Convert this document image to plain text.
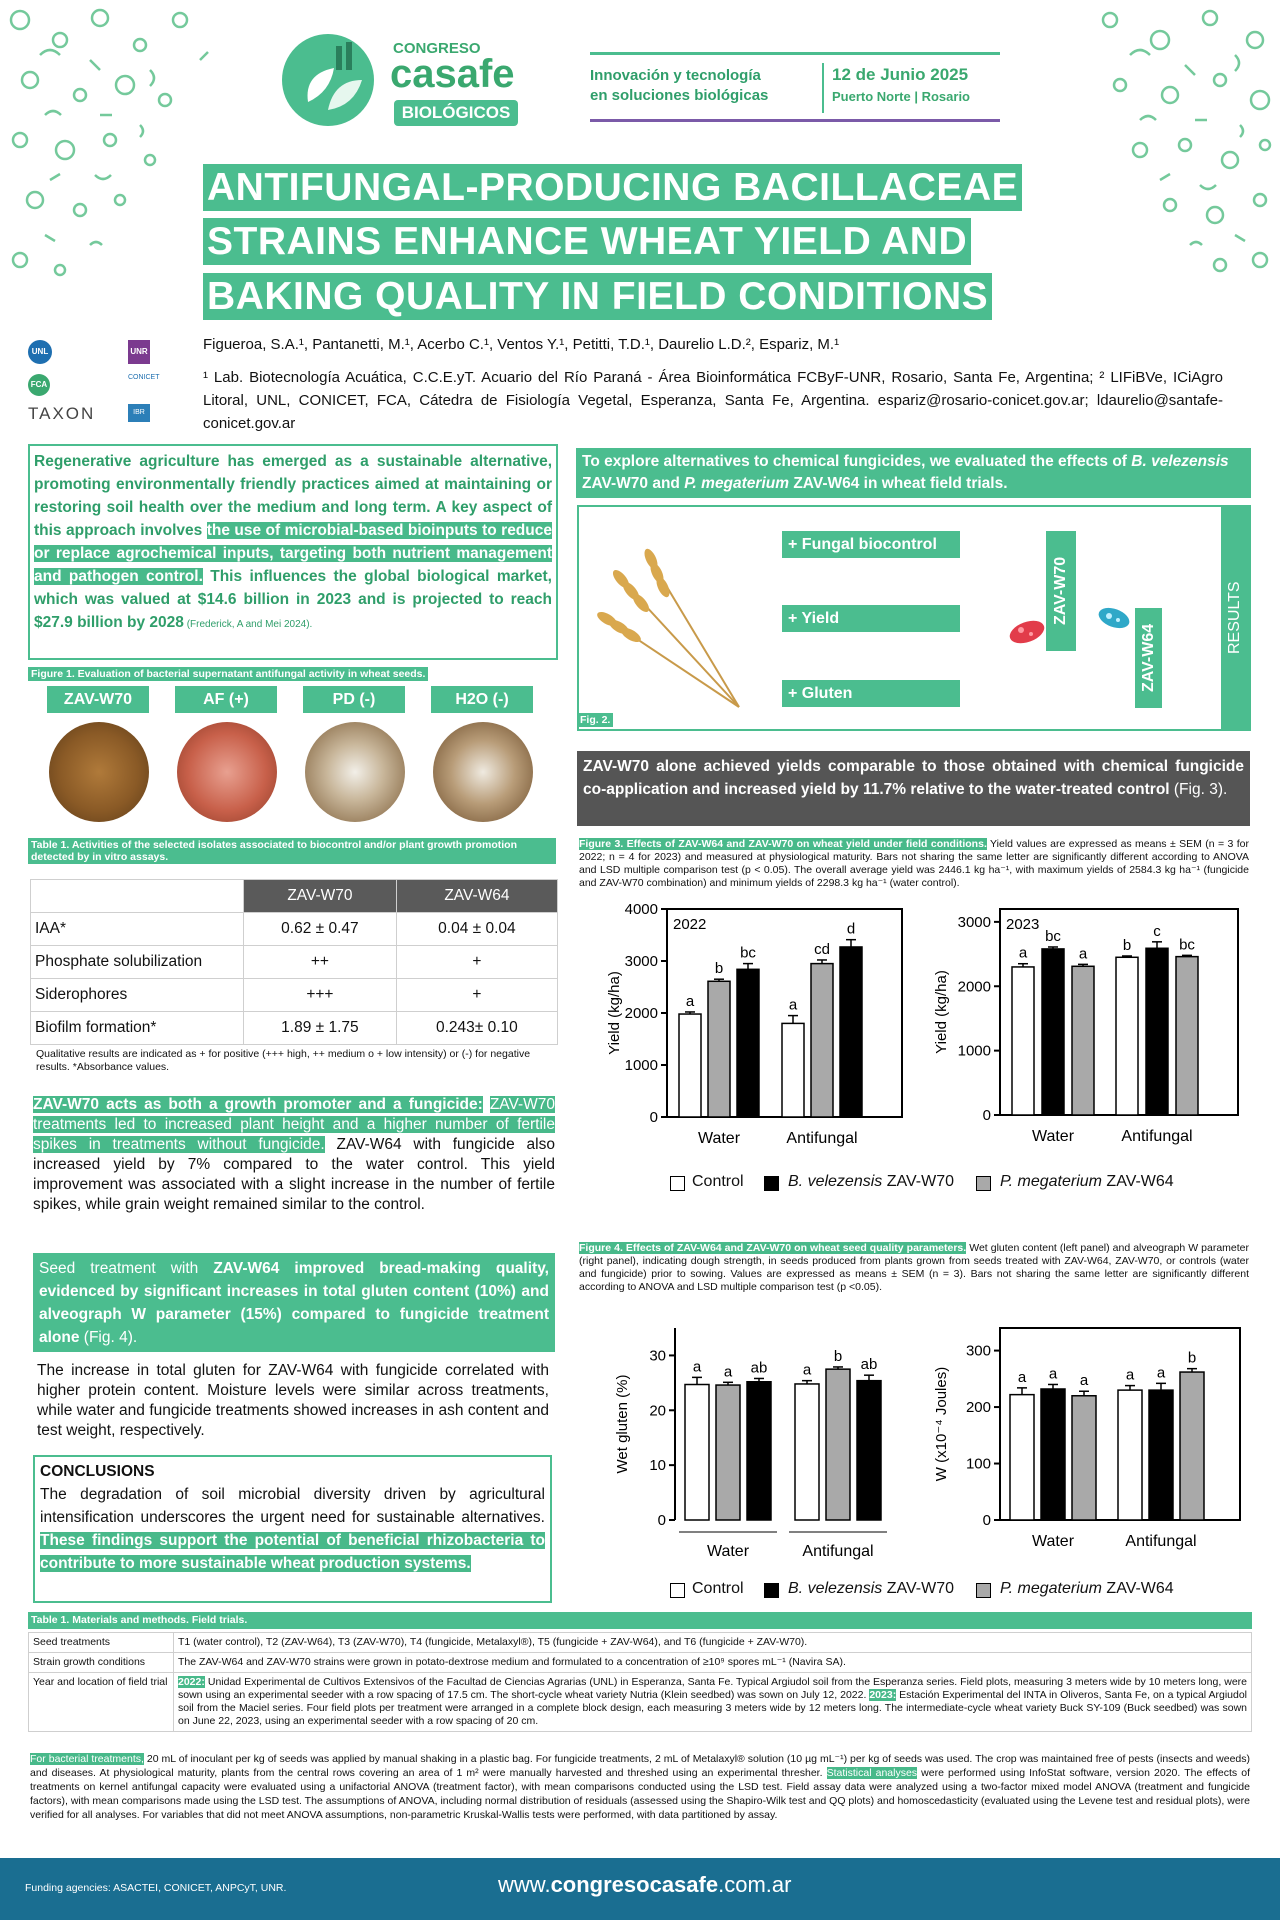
CONGRESO
casafe
BIOLÓGICOS
Innovación y tecnología
en soluciones biológicas
12 de Junio 2025
Puerto Norte | Rosario
ANTIFUNGAL-PRODUCING BACILLACEAE
STRAINS ENHANCE WHEAT YIELD AND
BAKING QUALITY IN FIELD CONDITIONS
UNL	UNR
FCA
CONICET
TAXON	IBR
Figueroa, S.A.¹, Pantanetti, M.¹, Acerbo C.¹, Ventos Y.¹, Petitti, T.D.¹, Daurelio L.D.², Espariz, M.¹
¹ Lab. Biotecnología Acuática, C.C.E.yT. Acuario del Río Paraná - Área Bioinformática FCByF-UNR, Rosario, Santa Fe, Argentina; ² LIFiBVe, ICiAgro Litoral, UNL, CONICET, FCA, Cátedra de Fisiología Vegetal, Esperanza, Santa Fe, Argentina. espariz@rosario-conicet.gov.ar; ldaurelio@santafe-conicet.gov.ar
Regenerative agriculture has emerged as a sustainable alternative, promoting environmentally friendly practices aimed at maintaining or restoring soil health over the medium and long term. A key aspect of this approach involves the use of microbial-based bioinputs to reduce or replace agrochemical inputs, targeting both nutrient management and pathogen control. This influences the global biological market, which was valued at $14.6 billion in 2023 and is projected to reach $27.9 billion by 2028 (Frederick, A and Mei 2024).
Figure 1. Evaluation of bacterial supernatant antifungal activity in wheat seeds.
ZAV-W70	AF (+)	PD (-)	H2O (-)
Table 1. Activities of the selected isolates associated to biocontrol and/or plant growth promotion detected by in vitro assays.
	ZAV-W70	ZAV-W64
IAA*	0.62 ± 0.47	0.04 ± 0.04
Phosphate solubilization	++	+
Siderophores	+++	+
Biofilm formation*	1.89 ± 1.75	0.243± 0.10
Qualitative results are indicated as + for positive (+++ high, ++ medium o + low intensity) or (-) for negative results. *Absorbance values.
ZAV-W70 acts as both a growth promoter and a fungicide: ZAV-W70 treatments led to increased plant height and a higher number of fertile spikes in treatments without fungicide. ZAV-W64 with fungicide also increased yield by 7% compared to the water control. This yield improvement was associated with a slight increase in the number of fertile spikes, while grain weight remained similar to the control.
Seed treatment with ZAV-W64 improved bread-making quality, evidenced by significant increases in total gluten content (10%) and alveograph W parameter (15%) compared to fungicide treatment alone (Fig. 4).
The increase in total gluten for ZAV-W64 with fungicide correlated with higher protein content. Moisture levels were similar across treatments, while water and fungicide treatments showed increases in ash content and test weight, respectively.
CONCLUSIONS
The degradation of soil microbial diversity driven by agricultural intensification underscores the urgent need for sustainable alternatives. These findings support the potential of beneficial rhizobacteria to contribute to more sustainable wheat production systems.
To explore alternatives to chemical fungicides, we evaluated the effects of B. velezensis ZAV-W70 and P. megaterium ZAV-W64 in wheat field trials.
Fig. 2.
+ Fungal biocontrol
+ Yield
+ Gluten
ZAV-W70
ZAV-W64
RESULTS
ZAV-W70 alone achieved yields comparable to those obtained with chemical fungicide co-application and increased yield by 11.7% relative to the water-treated control (Fig. 3).
Figure 3. Effects of ZAV-W64 and ZAV-W70 on wheat yield under field conditions. Yield values are expressed as means ± SEM (n = 3 for 2022; n = 4 for 2023) and measured at physiological maturity. Bars not sharing the same letter are significantly different according to ANOVA and LSD multiple comparison test (p < 0.05). The overall average yield was 2446.1 kg ha⁻¹, with maximum yields of 2584.3 kg ha⁻¹ (fungicide and ZAV-W70 combination) and minimum yields of 2298.3 kg ha⁻¹ (water control).
0
1000
2000
3000
4000
Yield (kg/ha)
2022
a
b
bc
Water
a
cd
d
Antifungal
0
1000
2000
3000
Yield (kg/ha)
2023
a
bc
a
Water
b
c
bc
Antifungal
Control	B. velezensis ZAV-W70	P. megaterium ZAV-W64
Figure 4. Effects of ZAV-W64 and ZAV-W70 on wheat seed quality parameters. Wet gluten content (left panel) and alveograph W parameter (right panel), indicating dough strength, in seeds produced from plants grown from seeds treated with ZAV-W64, ZAV-W70, or controls (water and fungicide) prior to sowing. Values are expressed as means ± SEM (n = 3). Bars not sharing the same letter are significantly different according to ANOVA and LSD multiple comparison test (p <0.05).
0
10
20
30
Wet gluten (%)
a a ab
Water
a
b ab
Antifungal
0
100
200
300
W (x10⁻⁴ Joules)	a a a
Water
a a
b
Antifungal
Control	B. velezensis ZAV-W70	P. megaterium ZAV-W64
Table 1. Materials and methods. Field trials.
Seed treatments	T1 (water control), T2 (ZAV-W64), T3 (ZAV-W70), T4 (fungicide, Metalaxyl®), T5 (fungicide + ZAV-W64), and T6 (fungicide + ZAV-W70).
Strain growth conditions	The ZAV-W64 and ZAV-W70 strains were grown in potato-dextrose medium and formulated to a concentration of ≥10⁹ spores mL⁻¹ (Navira SA).
Year and location of field trial	2022: Unidad Experimental de Cultivos Extensivos of the Facultad de Ciencias Agrarias (UNL) in Esperanza, Santa Fe. Typical Argiudol soil from the Esperanza series. Field plots, measuring 3 meters wide by 10 meters long, were sown using an experimental seeder with a row spacing of 17.5 cm. The short-cycle wheat variety Nutria (Klein seedbed) was sown on July 12, 2022. 2023: Estación Experimental del INTA in Oliveros, Santa Fe, on a typical Argiudol soil from the Maciel series. Four field plots per treatment were arranged in a complete block design, each measuring 3 meters wide by 12 meters long. The intermediate-cycle wheat variety Buck SY-109 (Buck seedbed) was sown on June 22, 2023, using an experimental seeder with a row spacing of 20 cm.
For bacterial treatments, 20 mL of inoculant per kg of seeds was applied by manual shaking in a plastic bag. For fungicide treatments, 2 mL of Metalaxyl® solution (10 µg mL⁻¹) per kg of seeds was used. The crop was maintained free of pests (insects and weeds) and diseases. At physiological maturity, plants from the central rows covering an area of 1 m² were manually harvested and threshed using an experimental thresher. Statistical analyses were performed using InfoStat software, version 2020. The effects of treatments on kernel antifungal capacity were evaluated using a unifactorial ANOVA (treatment factor), with mean comparisons conducted using the LSD test. Field assay data were analyzed using a two-factor mixed model ANOVA (treatment and fungicide factors), with mean comparisons made using the LSD test. The assumptions of ANOVA, including normal distribution of residuals (assessed using the Shapiro-Wilk test and QQ plots) and homoscedasticity (evaluated using the Levene test and residual plots), were verified for all analyses. For variables that did not meet ANOVA assumptions, non-parametric Kruskal-Wallis tests were performed, with data partitioned by assay.
Funding agencies: ASACTEI, CONICET, ANPCyT, UNR.	www.congresocasafe.com.ar
